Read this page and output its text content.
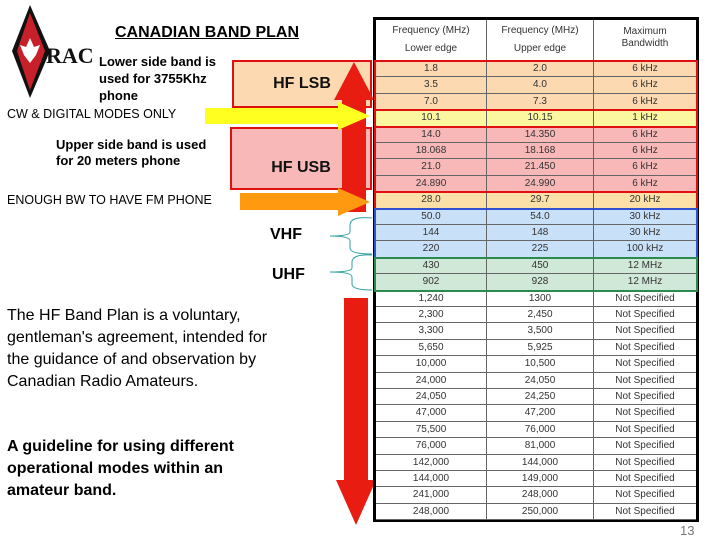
RAC
CANADIAN BAND PLAN
Lower side band is used for 3755Khz phone
CW & DIGITAL MODES ONLY
Upper side band is used for 20 meters phone
ENOUGH BW TO HAVE FM PHONE
HF LSB
HF USB
VHF
UHF
The HF Band Plan is a voluntary, gentleman's agreement, intended for the guidance of and observation by Canadian Radio Amateurs.
A guideline for using different operational modes within an amateur band.
Frequency (MHz)
Lower edge
Frequency (MHz)
Upper edge
Maximum Bandwidth
1.8	2.0	6 kHz
3.5	4.0	6 kHz
7.0	7.3	6 kHz
10.1	10.15	1 kHz
14.0	14.350	6 kHz
18.068	18.168	6 kHz
21.0	21.450	6 kHz
24.890	24.990	6 kHz
28.0	29.7	20 kHz
50.0	54.0	30 kHz
144	148	30 kHz
220	225	100 kHz
430	450	12 MHz
902	928	12 MHz
1,240	1300	Not Specified
2,300	2,450	Not Specified
3,300	3,500	Not Specified
5,650	5,925	Not Specified
10,000	10,500	Not Specified
24,000	24,050	Not Specified
24,050	24,250	Not Specified
47,000	47,200	Not Specified
75,500	76,000	Not Specified
76,000	81,000	Not Specified
142,000	144,000	Not Specified
144,000	149,000	Not Specified
241,000	248,000	Not Specified
248,000	250,000	Not Specified
13
